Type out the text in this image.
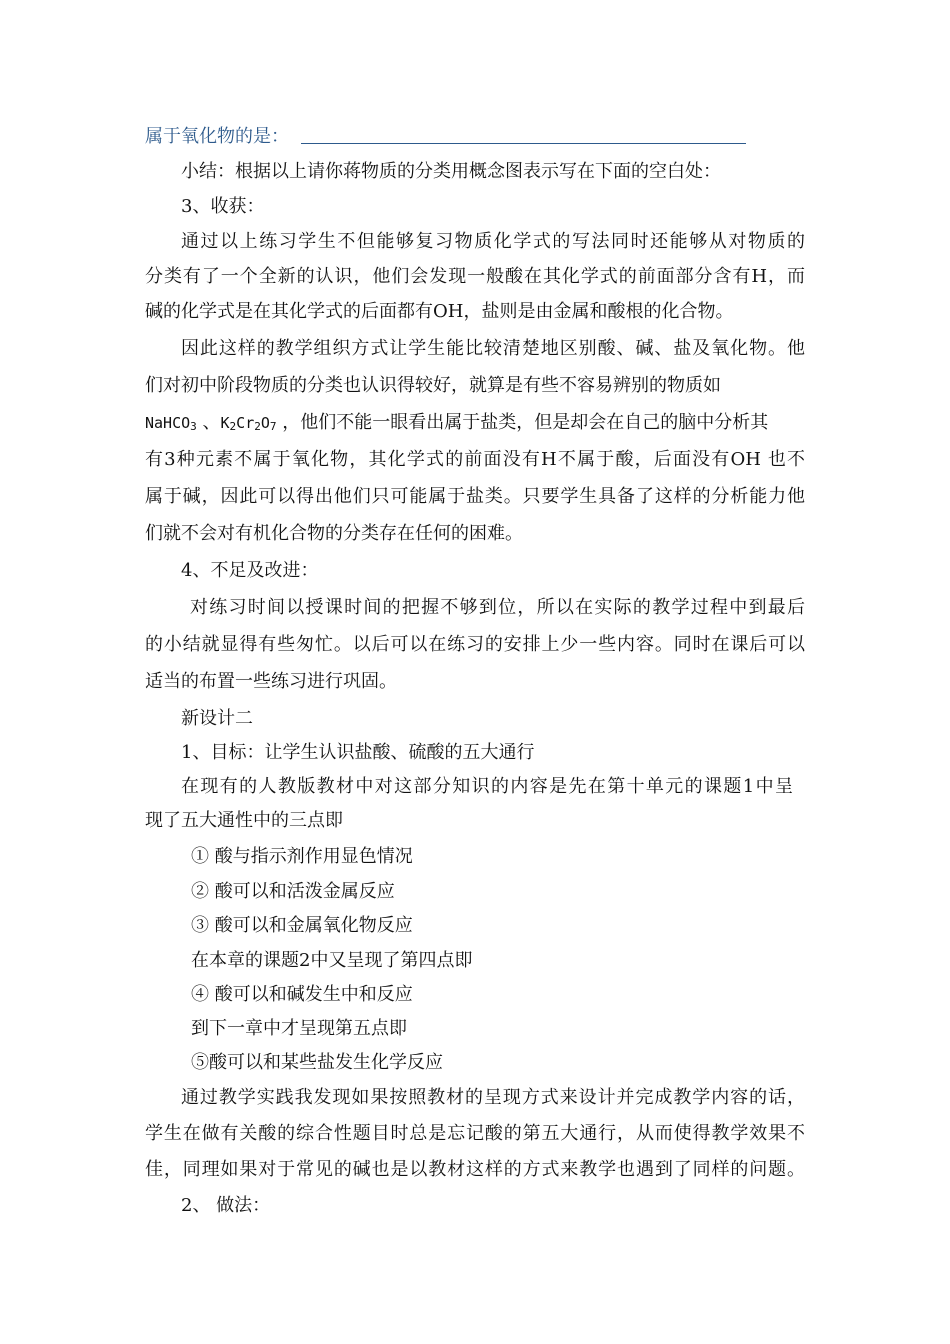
属于氧化物的是：
小结：根据以上请你蒋物质的分类用概念图表示写在下面的空白处：
3、收获：
通过以上练习学生不但能够复习物质化学式的写法同时还能够从对物质的
分类有了一个全新的认识，他们会发现一般酸在其化学式的前面部分含有H，而
碱的化学式是在其化学式的后面都有OH，盐则是由金属和酸根的化合物。
因此这样的教学组织方式让学生能比较清楚地区别酸、碱、盐及氧化物。他
们对初中阶段物质的分类也认识得较好，就算是有些不容易辨别的物质如
NaHCO$_3$ 、$K_2Cr_2O_7$ ，他们不能一眼看出属于盐类，但是却会在自己的脑中分析其
有3种元素不属于氧化物，其化学式的前面没有H不属于酸，后面没有OH 也不
属于碱，因此可以得出他们只可能属于盐类。只要学生具备了这样的分析能力他
们就不会对有机化合物的分类存在任何的困难。
4、不足及改进：
对练习时间以授课时间的把握不够到位，所以在实际的教学过程中到最后
的小结就显得有些匆忙。以后可以在练习的安排上少一些内容。同时在课后可以
适当的布置一些练习进行巩固。
新设计二
1、目标：让学生认识盐酸、硫酸的五大通行
在现有的人教版教材中对这部分知识的内容是先在第十单元的课题1中呈
现了五大通性中的三点即
① 酸与指示剂作用显色情况
② 酸可以和活泼金属反应
③ 酸可以和金属氧化物反应
在本章的课题2中又呈现了第四点即
④ 酸可以和碱发生中和反应
到下一章中才呈现第五点即
⑤酸可以和某些盐发生化学反应
通过教学实践我发现如果按照教材的呈现方式来设计并完成教学内容的话，
学生在做有关酸的综合性题目时总是忘记酸的第五大通行，从而使得教学效果不
佳，同理如果对于常见的碱也是以教材这样的方式来教学也遇到了同样的问题。
2、 做法：
